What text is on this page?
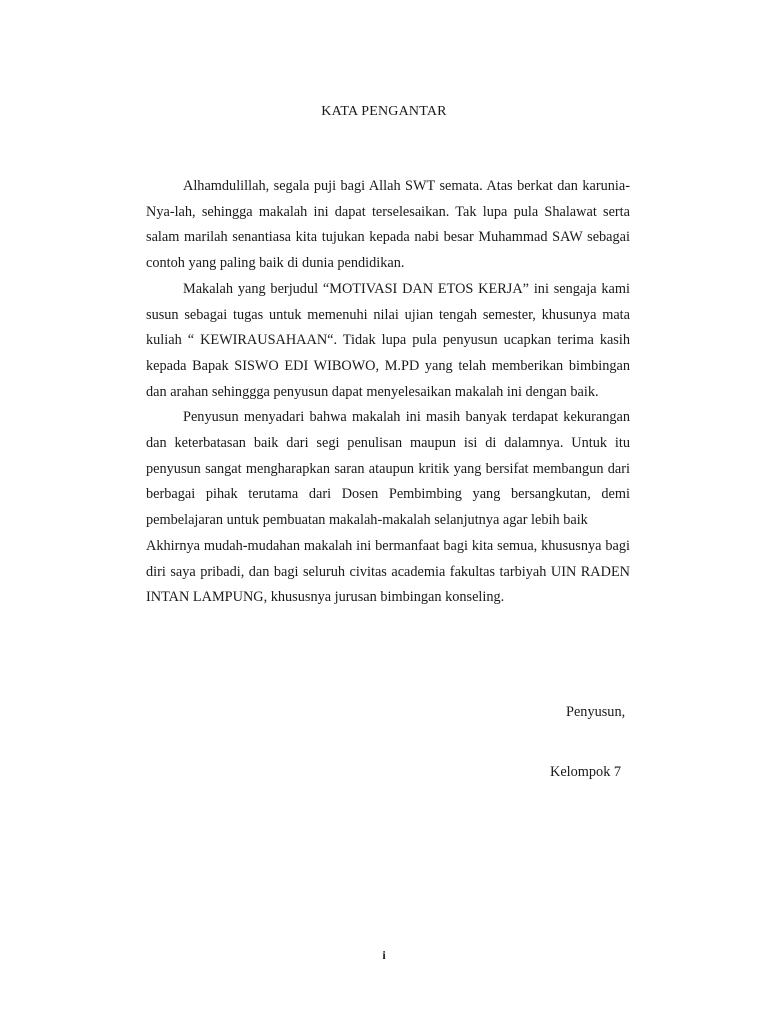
KATA PENGANTAR

Alhamdulillah, segala puji bagi Allah SWT semata. Atas berkat dan karunia-Nya-lah, sehingga makalah ini dapat terselesaikan. Tak lupa pula Shalawat serta salam marilah senantiasa kita tujukan kepada nabi besar Muhammad SAW sebagai contoh yang paling baik di dunia pendidikan.

Makalah yang berjudul “MOTIVASI DAN ETOS KERJA” ini sengaja kami susun sebagai tugas untuk memenuhi nilai ujian tengah semester, khusunya mata kuliah “ KEWIRAUSAHAAN“. Tidak lupa pula penyusun ucapkan terima kasih kepada Bapak SISWO EDI WIBOWO, M.PD yang telah memberikan bimbingan dan arahan sehinggga penyusun dapat menyelesaikan makalah ini dengan baik.

Penyusun menyadari bahwa makalah ini masih banyak terdapat kekurangan dan keterbatasan baik dari segi penulisan maupun isi di dalamnya. Untuk itu penyusun sangat mengharapkan saran ataupun kritik yang bersifat membangun dari berbagai pihak terutama dari Dosen Pembimbing yang bersangkutan, demi pembelajaran untuk pembuatan makalah-makalah selanjutnya agar lebih baik

Akhirnya mudah-mudahan makalah ini bermanfaat bagi kita semua, khususnya bagi diri saya pribadi, dan bagi seluruh civitas academia fakultas tarbiyah UIN RADEN INTAN LAMPUNG, khususnya jurusan bimbingan konseling.

Penyusun,
Kelompok 7
i
